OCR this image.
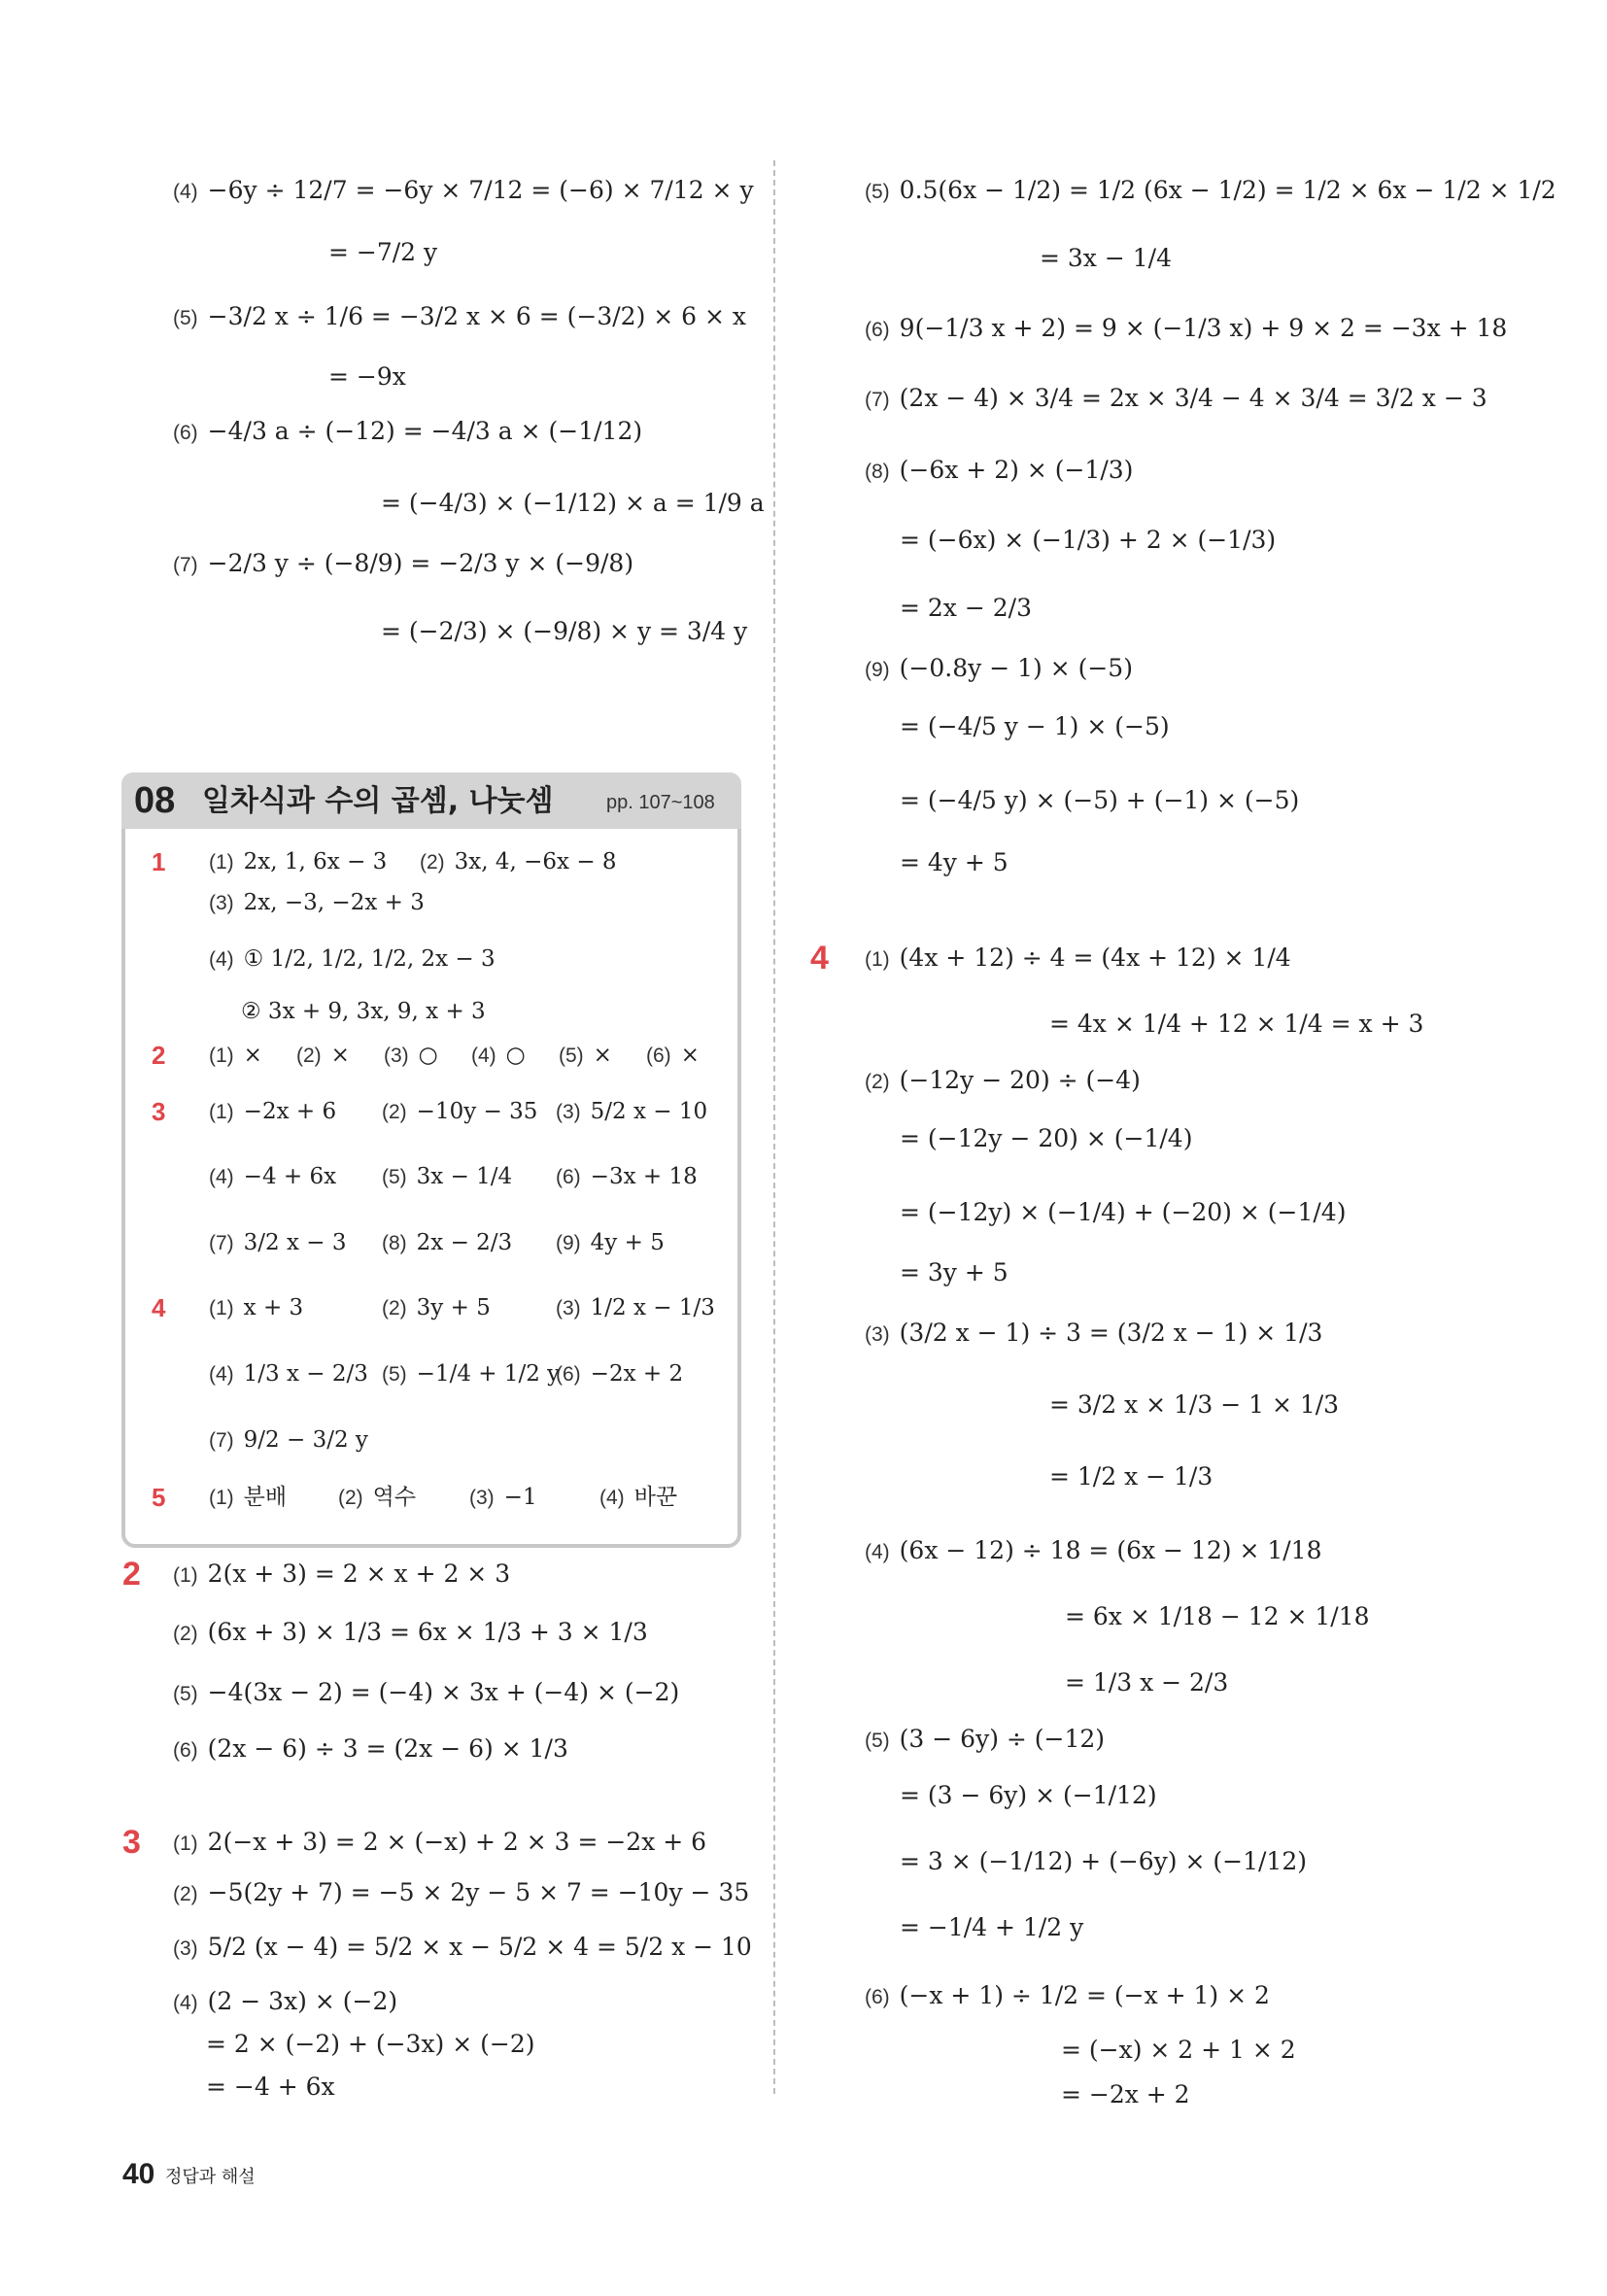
(4) −6y ÷ 12/7 = −6y × 7/12 = (−6) × 7/12 × y
= −7/2 y
(5) −3/2 x ÷ 1/6 = −3/2 x × 6 = (−3/2) × 6 × x
= −9x
(6) −4/3 a ÷ (−12) = −4/3 a × (−1/12)
= (−4/3) × (−1/12) × a = 1/9 a
(7) −2/3 y ÷ (−8/9) = −2/3 y × (−9/8)
= (−2/3) × (−9/8) × y = 3/4 y
08 일차식과 수의 곱셈, 나눗셈	pp. 107~108
1 (1) 2x, 1, 6x − 3 (2) 3x, 4, −6x − 8
(3) 2x, −3, −2x + 3
(4) ① 1/2, 1/2, 1/2, 2x − 3
② 3x + 9, 3x, 9, x + 3
2 (1) × (2) × (3) ○ (4) ○ (5) × (6) ×
3 (1) −2x + 6 (2) −10y − 35 (3) 5/2 x − 10
(4) −4 + 6x (5) 3x − 1/4 (6) −3x + 18
(7) 3/2 x − 3 (8) 2x − 2/3 (9) 4y + 5
4 (1) x + 3	(2) 3y + 5	(3) 1/2 x − 1/3
(4) 1/3 x − 2/3 (5) −1/4 + 1/2 y
(6) −2x + 2
(7) 9/2 − 3/2 y
5 (1) 분배	(2) 역수	(3) −1	(4) 바꾼
2 (1) 2(x + 3) = 2 × x + 2 × 3
(2) (6x + 3) × 1/3 = 6x × 1/3 + 3 × 1/3
(5) −4(3x − 2) = (−4) × 3x + (−4) × (−2)
(6) (2x − 6) ÷ 3 = (2x − 6) × 1/3
3 (1) 2(−x + 3) = 2 × (−x) + 2 × 3 = −2x + 6
(2) −5(2y + 7) = −5 × 2y − 5 × 7 = −10y − 35
(3) 5/2 (x − 4) = 5/2 × x − 5/2 × 4 = 5/2 x − 10
(4) (2 − 3x) × (−2)
= 2 × (−2) + (−3x) × (−2)
= −4 + 6x
(5) 0.5(6x − 1/2) = 1/2 (6x − 1/2) = 1/2 × 6x − 1/2 × 1/2
= 3x − 1/4
(6) 9(−1/3 x + 2) = 9 × (−1/3 x) + 9 × 2 = −3x + 18
(7) (2x − 4) × 3/4 = 2x × 3/4 − 4 × 3/4 = 3/2 x − 3
(8) (−6x + 2) × (−1/3)
= (−6x) × (−1/3) + 2 × (−1/3)
= 2x − 2/3
(9) (−0.8y − 1) × (−5)
= (−4/5 y − 1) × (−5)
= (−4/5 y) × (−5) + (−1) × (−5)
= 4y + 5
4 (1) (4x + 12) ÷ 4 = (4x + 12) × 1/4
= 4x × 1/4 + 12 × 1/4 = x + 3
(2) (−12y − 20) ÷ (−4)
= (−12y − 20) × (−1/4)
= (−12y) × (−1/4) + (−20) × (−1/4)
= 3y + 5
(3) (3/2 x − 1) ÷ 3 = (3/2 x − 1) × 1/3
= 3/2 x × 1/3 − 1 × 1/3
= 1/2 x − 1/3
(4) (6x − 12) ÷ 18 = (6x − 12) × 1/18
= 6x × 1/18 − 12 × 1/18
= 1/3 x − 2/3
(5) (3 − 6y) ÷ (−12)
= (3 − 6y) × (−1/12)
= 3 × (−1/12) + (−6y) × (−1/12)
= −1/4 + 1/2 y
(6) (−x + 1) ÷ 1/2 = (−x + 1) × 2
= (−x) × 2 + 1 × 2
= −2x + 2
40 정답과 해설
